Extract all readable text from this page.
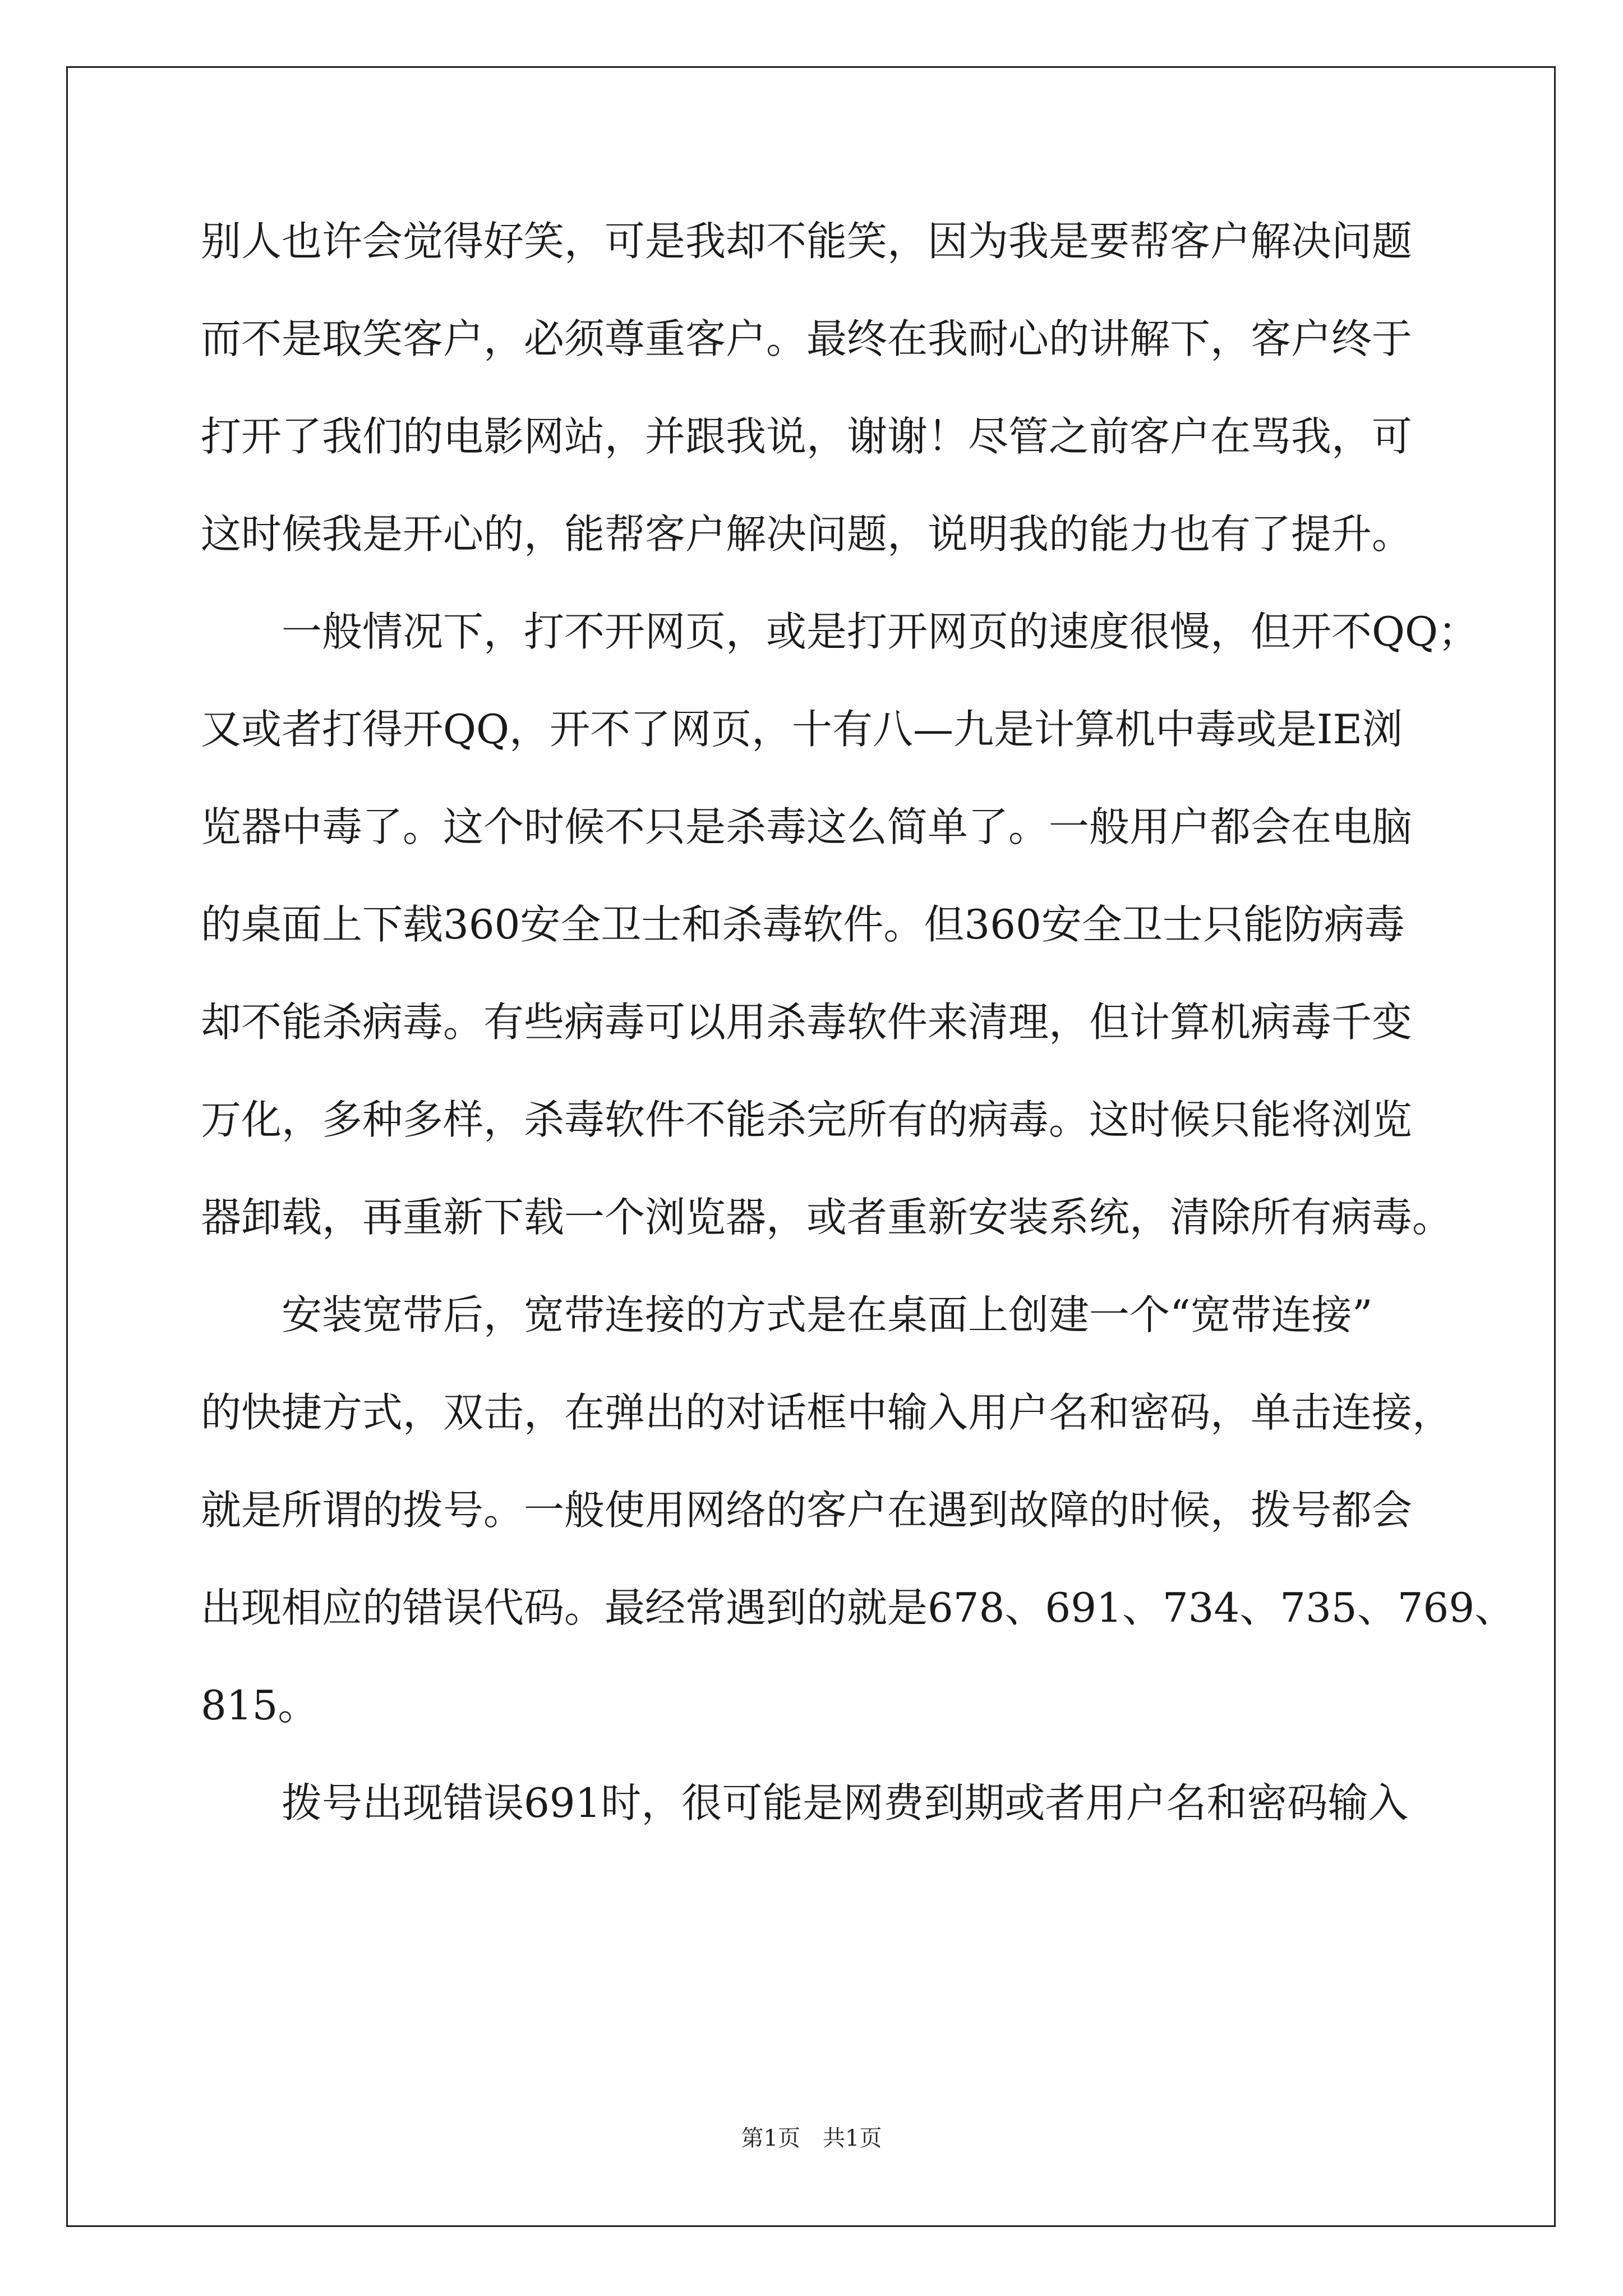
别人也许会觉得好笑，可是我却不能笑，因为我是要帮客户解决问题
而不是取笑客户，必须尊重客户。最终在我耐心的讲解下，客户终于
打开了我们的电影网站，并跟我说，谢谢！尽管之前客户在骂我，可
这时候我是开心的，能帮客户解决问题，说明我的能力也有了提升。
一般情况下，打不开网页，或是打开网页的速度很慢，但开不QQ；
又或者打得开QQ，开不了网页，十有八—九是计算机中毒或是IE浏
览器中毒了。这个时候不只是杀毒这么简单了。一般用户都会在电脑
的桌面上下载360安全卫士和杀毒软件。但360安全卫士只能防病毒
却不能杀病毒。有些病毒可以用杀毒软件来清理，但计算机病毒千变
万化，多种多样，杀毒软件不能杀完所有的病毒。这时候只能将浏览
器卸载，再重新下载一个浏览器，或者重新安装系统，清除所有病毒。
安装宽带后，宽带连接的方式是在桌面上创建一个“宽带连接”
的快捷方式，双击，在弹出的对话框中输入用户名和密码，单击连接，
就是所谓的拨号。一般使用网络的客户在遇到故障的时候，拨号都会
出现相应的错误代码。最经常遇到的就是678、691、734、735、769、
815。
拨号出现错误691时，很可能是网费到期或者用户名和密码输入
第1页　共1页
